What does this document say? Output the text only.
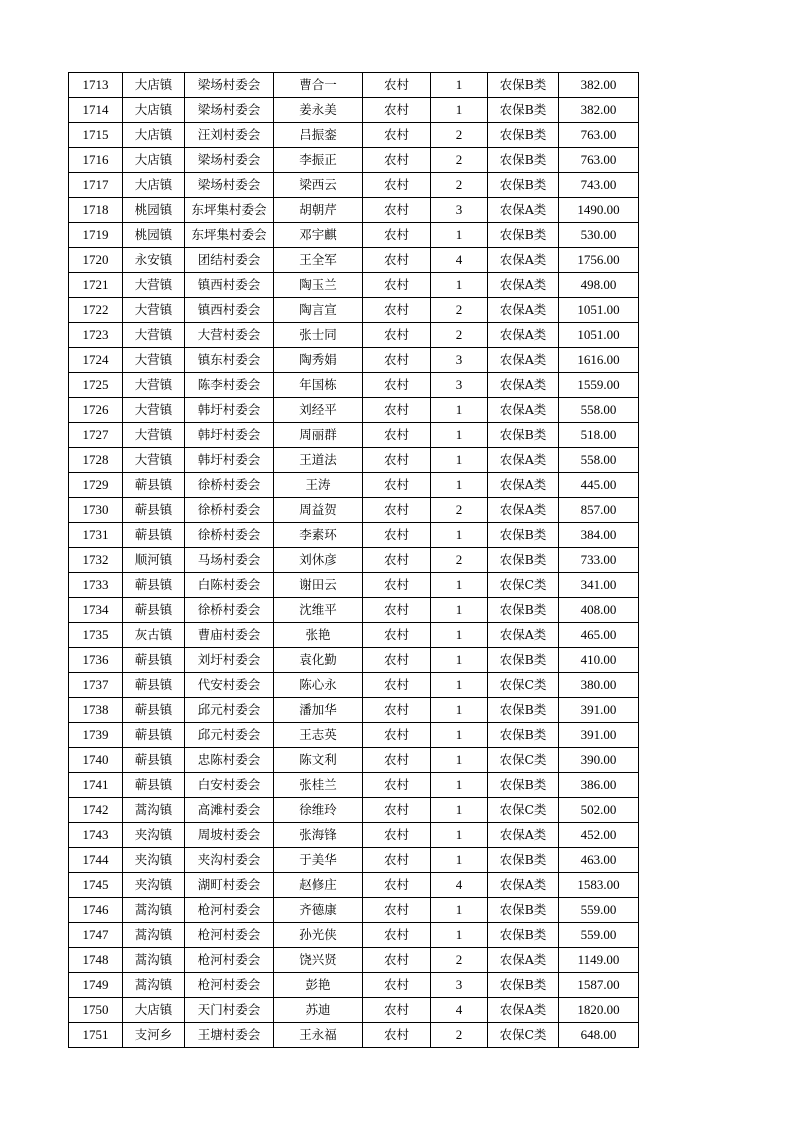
1713	大店镇	梁场村委会	曹合一	农村	1	农保B类	382.00
1714	大店镇	梁场村委会	姜永美	农村	1	农保B类	382.00
1715	大店镇	汪刘村委会	吕振銮	农村	2	农保B类	763.00
1716	大店镇	梁场村委会	李振正	农村	2	农保B类	763.00
1717	大店镇	梁场村委会	梁西云	农村	2	农保B类	743.00
1718	桃园镇	东坪集村委会	胡朝芹	农村	3	农保A类	1490.00
1719	桃园镇	东坪集村委会	邓宇麒	农村	1	农保B类	530.00
1720	永安镇	团结村委会	王全军	农村	4	农保A类	1756.00
1721	大营镇	镇西村委会	陶玉兰	农村	1	农保A类	498.00
1722	大营镇	镇西村委会	陶言宣	农村	2	农保A类	1051.00
1723	大营镇	大营村委会	张士同	农村	2	农保A类	1051.00
1724	大营镇	镇东村委会	陶秀娟	农村	3	农保A类	1616.00
1725	大营镇	陈李村委会	年国栋	农村	3	农保A类	1559.00
1726	大营镇	韩圩村委会	刘经平	农村	1	农保A类	558.00
1727	大营镇	韩圩村委会	周丽群	农村	1	农保B类	518.00
1728	大营镇	韩圩村委会	王道法	农村	1	农保A类	558.00
1729	蕲县镇	徐桥村委会	王涛	农村	1	农保A类	445.00
1730	蕲县镇	徐桥村委会	周益贺	农村	2	农保A类	857.00
1731	蕲县镇	徐桥村委会	李素环	农村	1	农保B类	384.00
1732	顺河镇	马场村委会	刘休彦	农村	2	农保B类	733.00
1733	蕲县镇	白陈村委会	谢田云	农村	1	农保C类	341.00
1734	蕲县镇	徐桥村委会	沈维平	农村	1	农保B类	408.00
1735	灰古镇	曹庙村委会	张艳	农村	1	农保A类	465.00
1736	蕲县镇	刘圩村委会	袁化勤	农村	1	农保B类	410.00
1737	蕲县镇	代安村委会	陈心永	农村	1	农保C类	380.00
1738	蕲县镇	邱元村委会	潘加华	农村	1	农保B类	391.00
1739	蕲县镇	邱元村委会	王志英	农村	1	农保B类	391.00
1740	蕲县镇	忠陈村委会	陈文利	农村	1	农保C类	390.00
1741	蕲县镇	白安村委会	张桂兰	农村	1	农保B类	386.00
1742	蒿沟镇	高滩村委会	徐维玲	农村	1	农保C类	502.00
1743	夹沟镇	周坡村委会	张海锋	农村	1	农保A类	452.00
1744	夹沟镇	夹沟村委会	于美华	农村	1	农保B类	463.00
1745	夹沟镇	湖町村委会	赵修庄	农村	4	农保A类	1583.00
1746	蒿沟镇	枪河村委会	齐德康	农村	1	农保B类	559.00
1747	蒿沟镇	枪河村委会	孙光侠	农村	1	农保B类	559.00
1748	蒿沟镇	枪河村委会	饶兴贤	农村	2	农保A类	1149.00
1749	蒿沟镇	枪河村委会	彭艳	农村	3	农保B类	1587.00
1750	大店镇	天门村委会	苏迪	农村	4	农保A类	1820.00
1751	支河乡	王塘村委会	王永福	农村	2	农保C类	648.00
